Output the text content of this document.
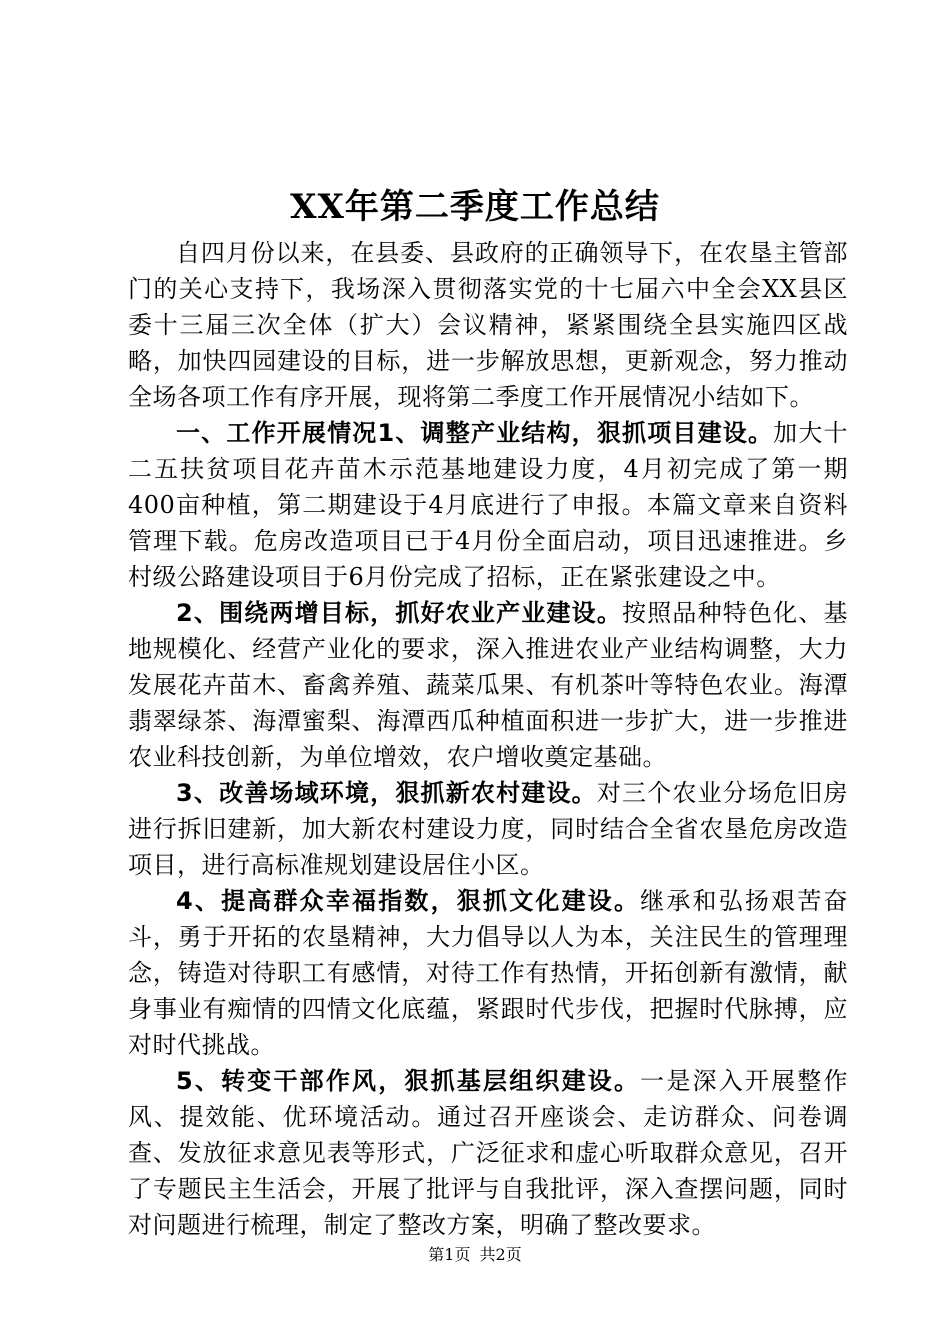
XX年第二季度工作总结

自四月份以来，在县委、县政府的正确领导下，在农垦主管部门的关心支持下，我场深入贯彻落实党的十七届六中全会XX县区委十三届三次全体（扩大）会议精神，紧紧围绕全县实施四区战略，加快四园建设的目标，进一步解放思想，更新观念，努力推动全场各项工作有序开展，现将第二季度工作开展情况小结如下。

一、工作开展情况1、调整产业结构，狠抓项目建设。加大十二五扶贫项目花卉苗木示范基地建设力度，4月初完成了第一期400亩种植，第二期建设于4月底进行了申报。本篇文章来自资料管理下载。危房改造项目已于4月份全面启动，项目迅速推进。乡村级公路建设项目于6月份完成了招标，正在紧张建设之中。

2、围绕两增目标，抓好农业产业建设。按照品种特色化、基地规模化、经营产业化的要求，深入推进农业产业结构调整，大力发展花卉苗木、畜禽养殖、蔬菜瓜果、有机茶叶等特色农业。海潭翡翠绿茶、海潭蜜梨、海潭西瓜种植面积进一步扩大，进一步推进农业科技创新，为单位增效，农户增收奠定基础。

3、改善场域环境，狠抓新农村建设。对三个农业分场危旧房进行拆旧建新，加大新农村建设力度，同时结合全省农垦危房改造项目，进行高标准规划建设居住小区。

4、提高群众幸福指数，狠抓文化建设。继承和弘扬艰苦奋斗，勇于开拓的农垦精神，大力倡导以人为本，关注民生的管理理念，铸造对待职工有感情，对待工作有热情，开拓创新有激情，献身事业有痴情的四情文化底蕴，紧跟时代步伐，把握时代脉搏，应对时代挑战。

5、转变干部作风，狠抓基层组织建设。一是深入开展整作风、提效能、优环境活动。通过召开座谈会、走访群众、问卷调查、发放征求意见表等形式，广泛征求和虚心听取群众意见，召开了专题民主生活会，开展了批评与自我批评，深入查摆问题，同时对问题进行梳理，制定了整改方案，明确了整改要求。

第1页 共2页
